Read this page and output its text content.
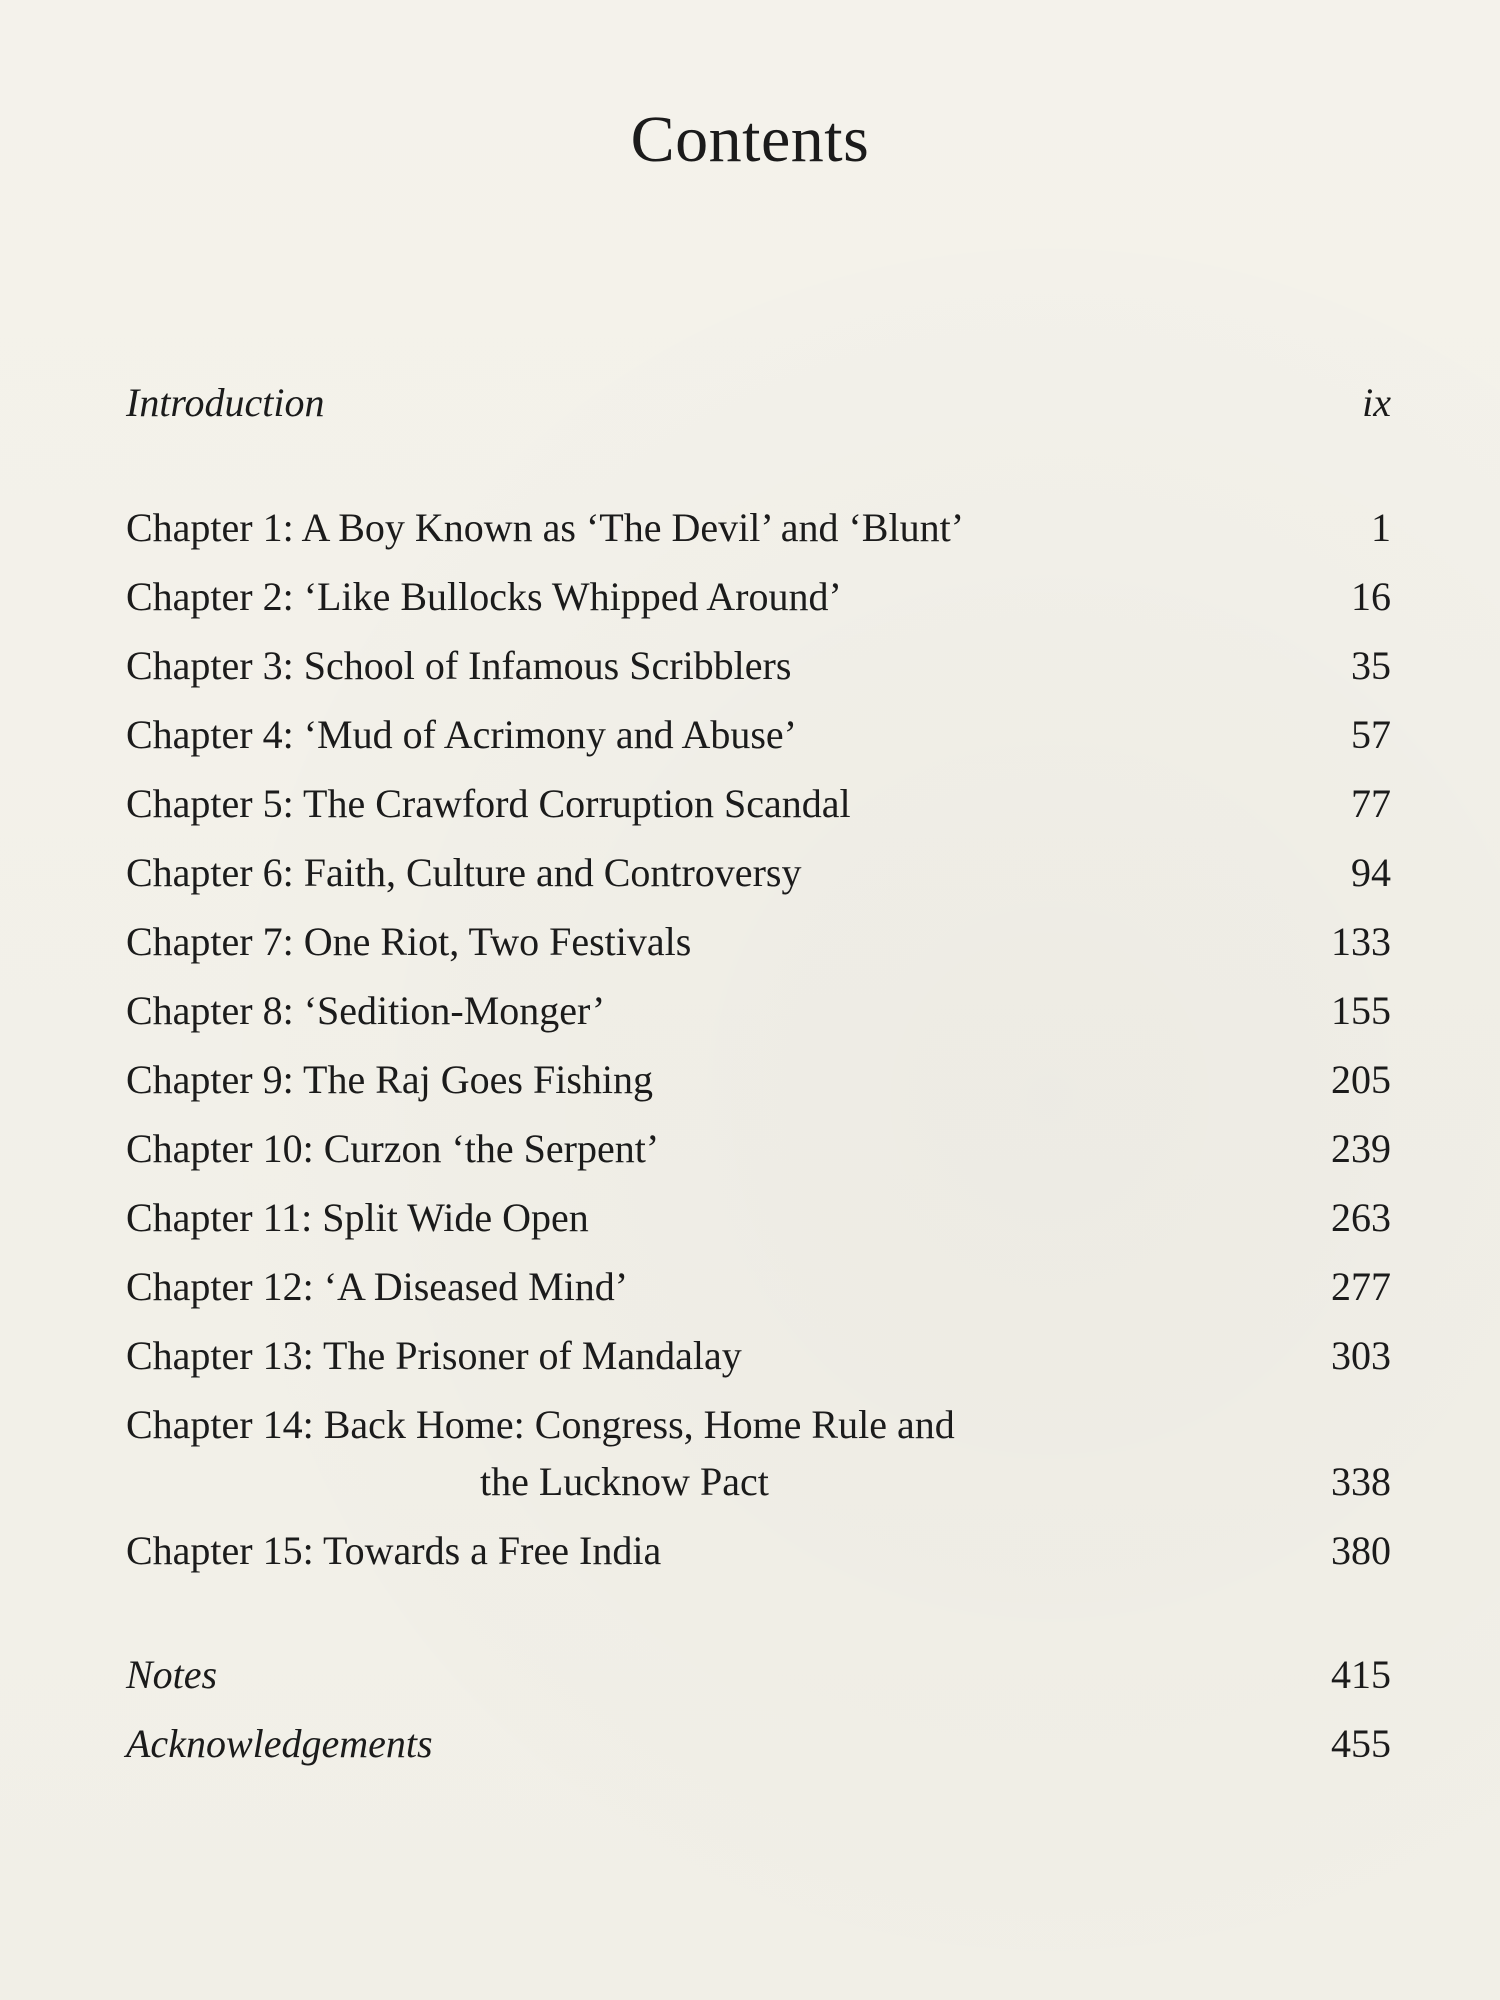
Contents
Introduction	ix
Chapter 1: A Boy Known as ‘The Devil’ and ‘Blunt’	1
Chapter 2: ‘Like Bullocks Whipped Around’	16
Chapter 3: School of Infamous Scribblers	35
Chapter 4: ‘Mud of Acrimony and Abuse’	57
Chapter 5: The Crawford Corruption Scandal	77
Chapter 6: Faith, Culture and Controversy	94
Chapter 7: One Riot, Two Festivals	133
Chapter 8: ‘Sedition-Monger’	155
Chapter 9: The Raj Goes Fishing	205
Chapter 10: Curzon ‘the Serpent’	239
Chapter 11: Split Wide Open	263
Chapter 12: ‘A Diseased Mind’	277
Chapter 13: The Prisoner of Mandalay	303
Chapter 14: Back Home: Congress, Home Rule and
the Lucknow Pact	338
Chapter 15: Towards a Free India	380
Notes	415
Acknowledgements	455
